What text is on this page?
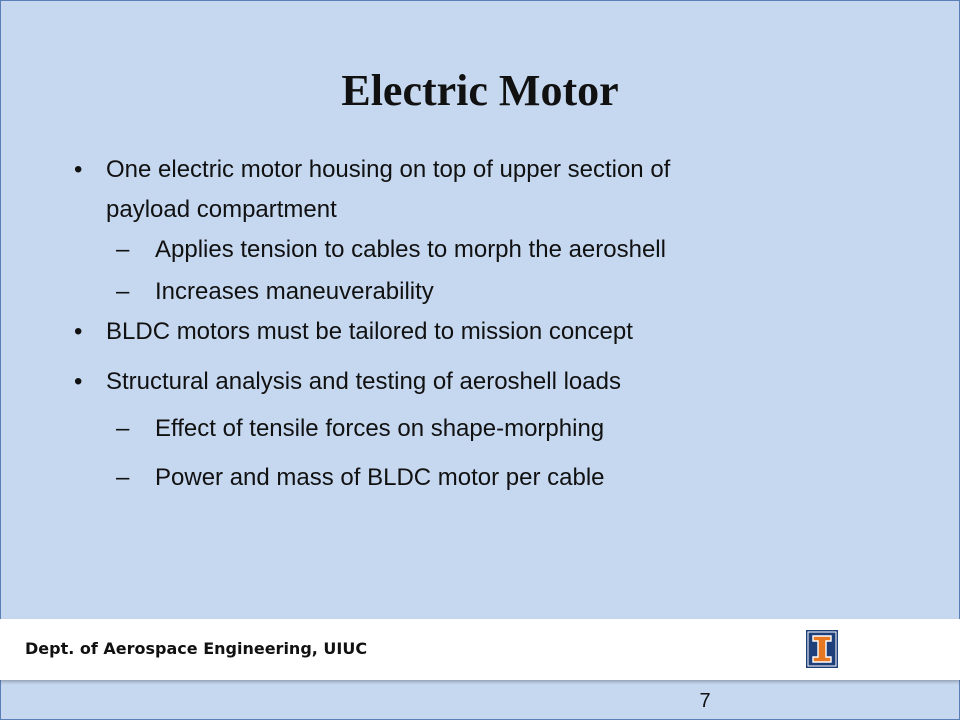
Electric Motor
• One electric motor housing on top of upper section of
payload compartment
– Applies tension to cables to morph the aeroshell
– Increases maneuverability
• BLDC motors must be tailored to mission concept
• Structural analysis and testing of aeroshell loads
– Effect of tensile forces on shape-morphing
– Power and mass of BLDC motor per cable
Dept. of Aerospace Engineering, UIUC
7
